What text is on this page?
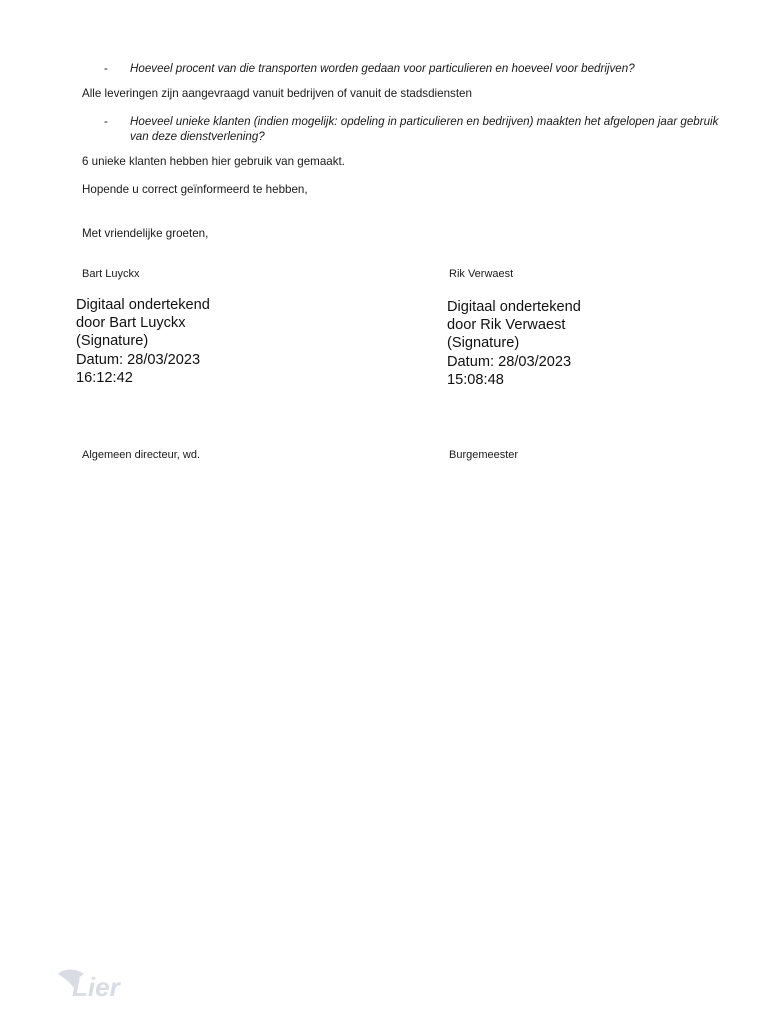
-	Hoeveel procent van die transporten worden gedaan voor particulieren en hoeveel voor bedrijven?
Alle leveringen zijn aangevraagd vanuit bedrijven of vanuit de stadsdiensten
-	Hoeveel unieke klanten (indien mogelijk: opdeling in particulieren en bedrijven) maakten het afgelopen jaar gebruik van deze dienstverlening?
6 unieke klanten hebben hier gebruik van gemaakt.
Hopende u correct geïnformeerd te hebben,
Met vriendelijke groeten,
Bart Luyckx
Digitaal ondertekend
door Bart Luyckx
(Signature)
Datum: 28/03/2023
16:12:42
Algemeen directeur, wd.
Rik Verwaest
Digitaal ondertekend
door Rik Verwaest
(Signature)
Datum: 28/03/2023
15:08:48
Burgemeester
Lier
